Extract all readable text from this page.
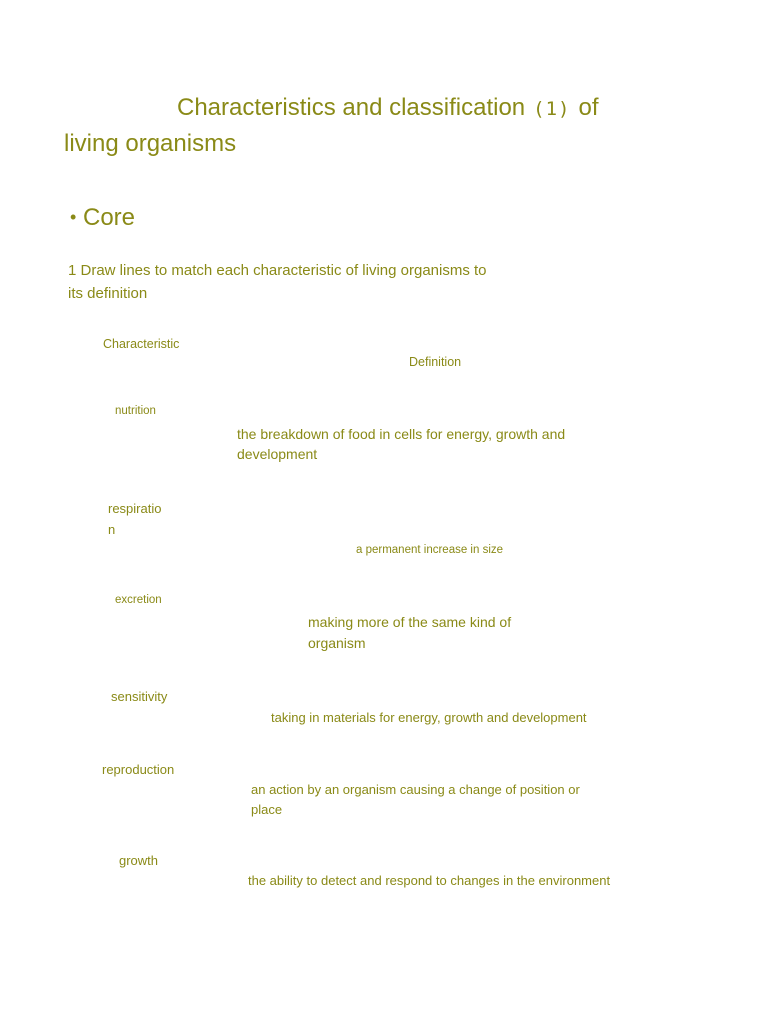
Characteristics and classification (1) of
living organisms
• Core
1 Draw lines to match each characteristic of living organisms to
its definition
Characteristic
Definition
nutrition
respiratio
n
excretion
sensitivity
reproduction
growth
the breakdown of food in cells for energy, growth and
development
a permanent increase in size
making more of the same kind of
organism
taking in materials for energy, growth and development
an action by an organism causing a change of position or
place
the ability to detect and respond to changes in the environment
